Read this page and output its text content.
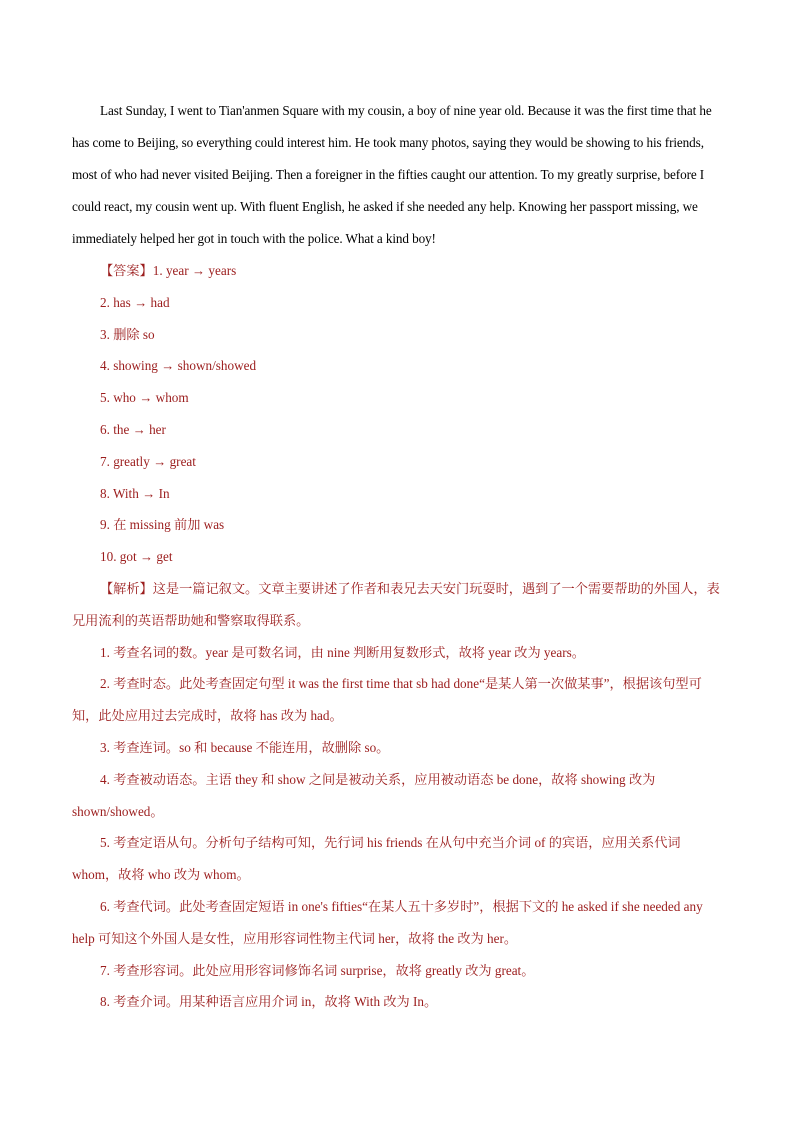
Last Sunday, I went to Tian'anmen Square with my cousin, a boy of nine year old. Because it was the first time that he has come to Beijing, so everything could interest him. He took many photos, saying they would be showing to his friends, most of who had never visited Beijing. Then a foreigner in the fifties caught our attention. To my greatly surprise, before I could react, my cousin went up. With fluent English, he asked if she needed any help. Knowing her passport missing, we immediately helped her got in touch with the police. What a kind boy!

【答案】1. year → years

2. has → had

3. 删除 so

4. showing → shown/showed

5. who → whom

6. the → her

7. greatly → great

8. With → In

9. 在 missing 前加 was

10. got → get

【解析】这是一篇记叙文。文章主要讲述了作者和表兄去天安门玩耍时，遇到了一个需要帮助的外国人，表兄用流利的英语帮助她和警察取得联系。

1. 考查名词的数。year 是可数名词，由 nine 判断用复数形式，故将 year 改为 years。

2. 考查时态。此处考查固定句型 it was the first time that sb had done“是某人第一次做某事”，根据该句型可知，此处应用过去完成时，故将 has 改为 had。

3. 考查连词。so 和 because 不能连用，故删除 so。

4. 考查被动语态。主语 they 和 show 之间是被动关系，应用被动语态 be done，故将 showing 改为 shown/showed。

5. 考查定语从句。分析句子结构可知，先行词 his friends 在从句中充当介词 of 的宾语，应用关系代词 whom，故将 who 改为 whom。

6. 考查代词。此处考查固定短语 in one's fifties“在某人五十多岁时”，根据下文的 he asked if she needed any help 可知这个外国人是女性，应用形容词性物主代词 her，故将 the 改为 her。

7. 考查形容词。此处应用形容词修饰名词 surprise，故将 greatly 改为 great。

8. 考查介词。用某种语言应用介词 in，故将 With 改为 In。
